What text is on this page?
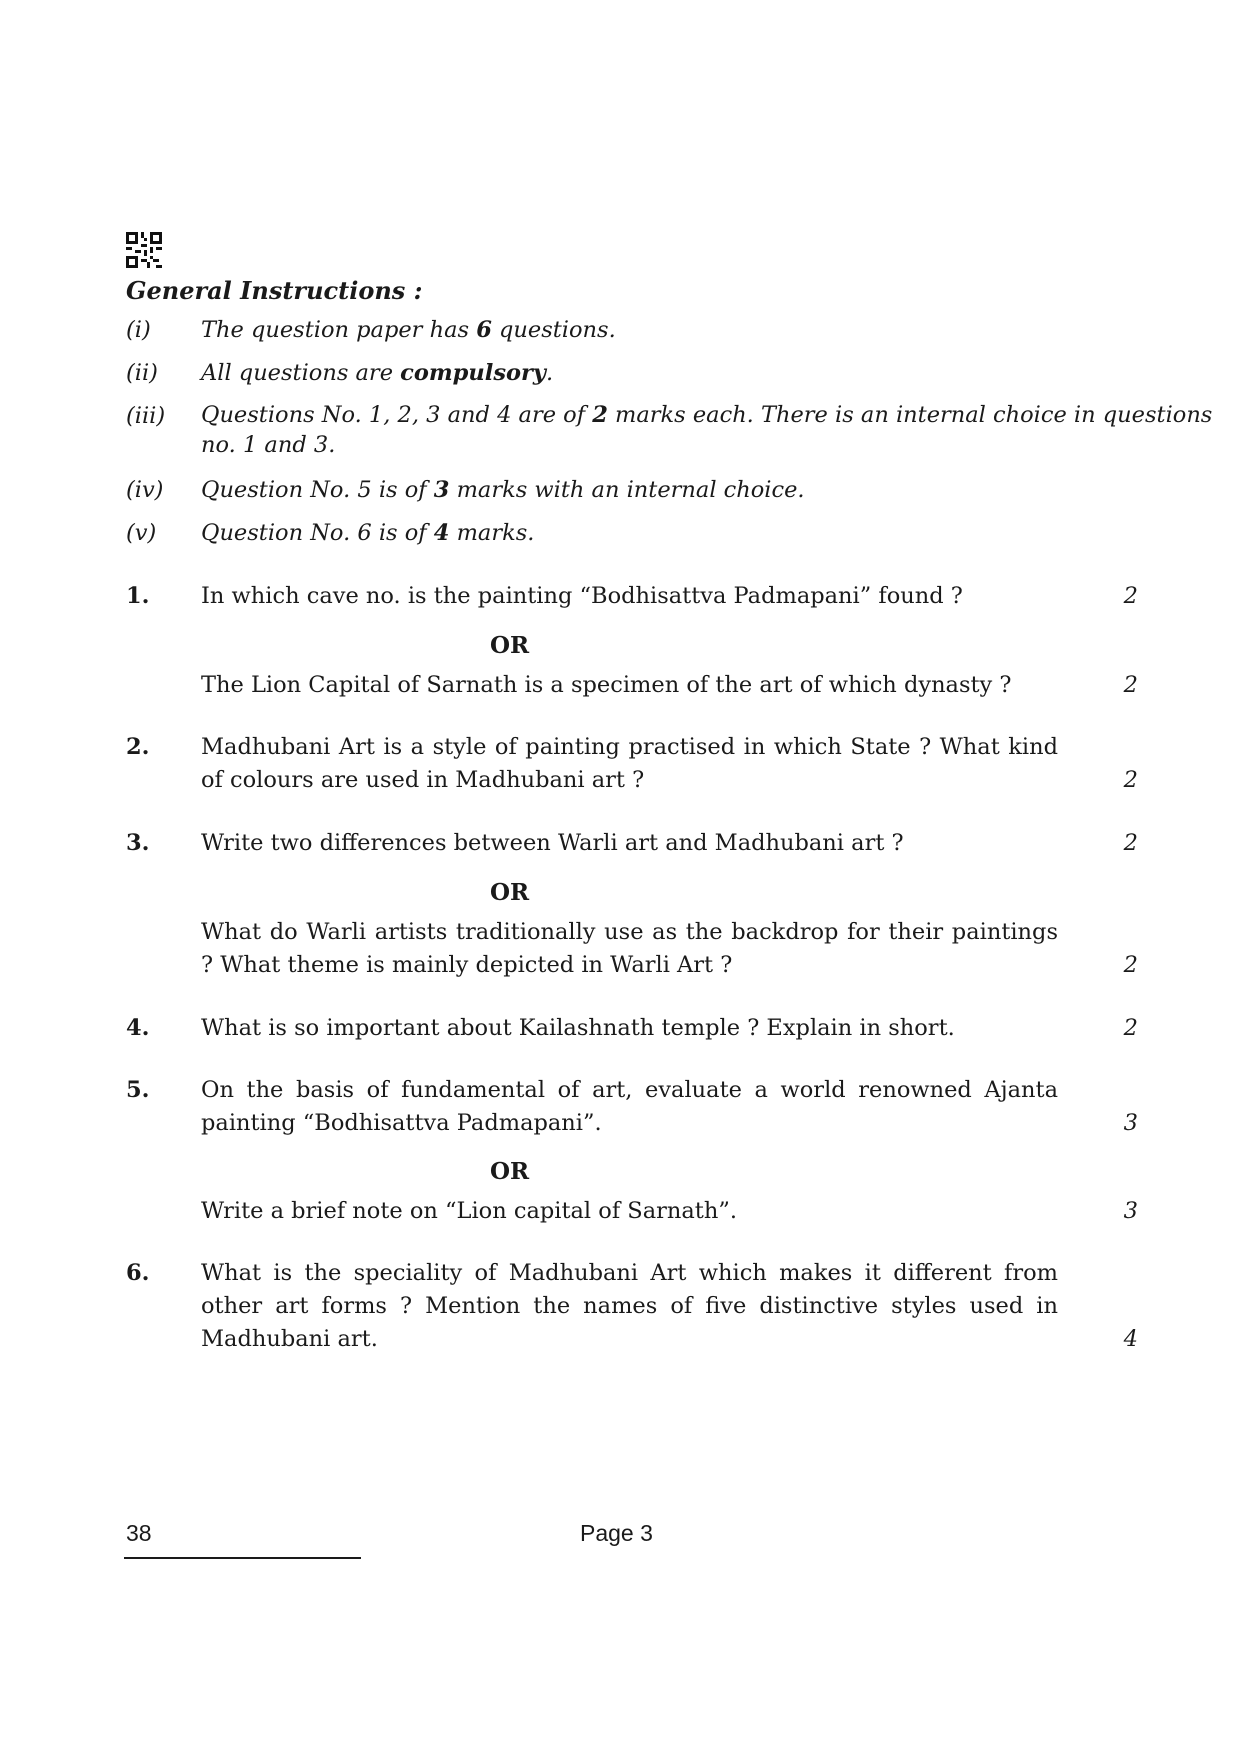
General Instructions :
(i) The question paper has 6 questions.
(ii) All questions are compulsory.
(iii) Questions No. 1, 2, 3 and 4 are of 2 marks each. There is an internal choice in questions no. 1 and 3.
(iv) Question No. 5 is of 3 marks with an internal choice.
(v) Question No. 6 is of 4 marks.
1. In which cave no. is the painting “Bodhisattva Padmapani” found ?	2
OR
The Lion Capital of Sarnath is a specimen of the art of which dynasty ?	2
2. Madhubani Art is a style of painting practised in which State ? What kind of colours are used in Madhubani art ?	2
3. Write two differences between Warli art and Madhubani art ?	2
OR
What do Warli artists traditionally use as the backdrop for their paintings ? What theme is mainly depicted in Warli Art ?	2
4. What is so important about Kailashnath temple ? Explain in short.	2
5. On the basis of fundamental of art, evaluate a world renowned Ajanta painting “Bodhisattva Padmapani”.	3
OR
Write a brief note on “Lion capital of Sarnath”.	3
6. What is the speciality of Madhubani Art which makes it different from other art forms ? Mention the names of five distinctive styles used in Madhubani art.	4
38	Page 3
